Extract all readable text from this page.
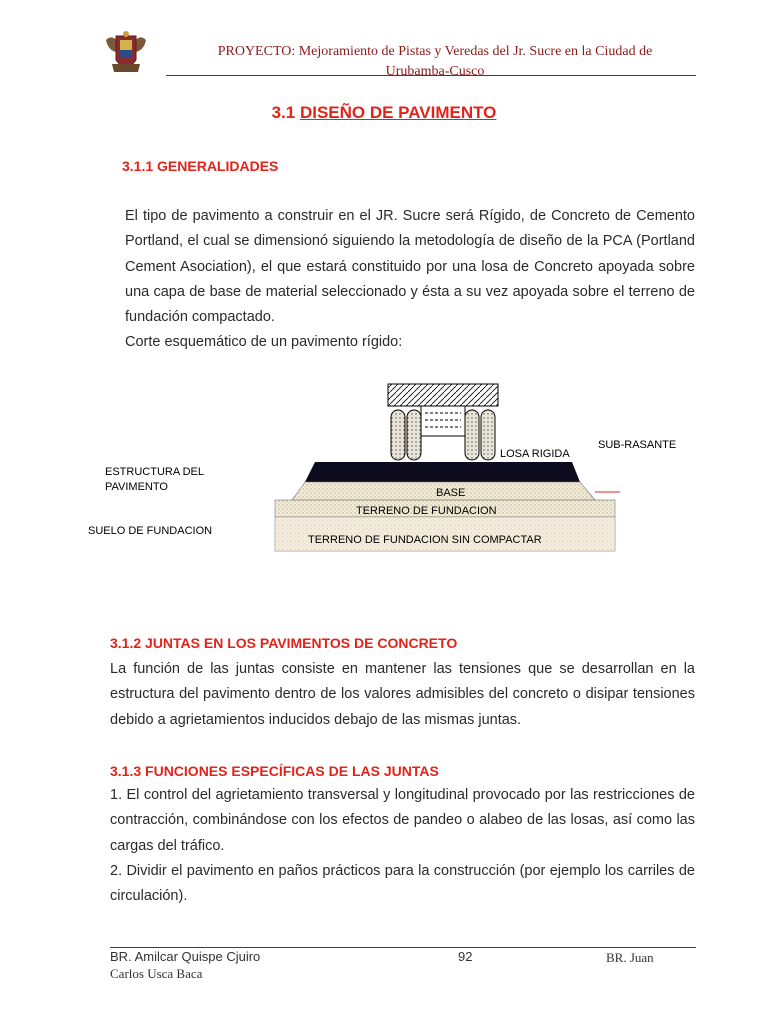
PROYECTO: Mejoramiento de Pistas y Veredas del Jr. Sucre en la Ciudad de
Urubamba-Cusco
3.1 DISEÑO DE PAVIMENTO
3.1.1 GENERALIDADES
El tipo de pavimento a construir en el JR. Sucre será Rígido, de Concreto de Cemento Portland, el cual se dimensionó siguiendo la metodología de diseño de la PCA (Portland Cement Asociation), el que estará constituido por una losa de Concreto apoyada sobre una capa de base de material seleccionado y ésta a su vez apoyada sobre el terreno de fundación compactado.
Corte esquemático de un pavimento rígido:
LOSA RIGIDA
SUB-RASANTE
ESTRUCTURA DEL PAVIMENTO
SUELO DE FUNDACION
BASE
TERRENO DE FUNDACION
TERRENO DE FUNDACION SIN COMPACTAR
3.1.2 JUNTAS EN LOS PAVIMENTOS DE CONCRETO
La función de las juntas consiste en mantener las tensiones que se desarrollan en la estructura del pavimento dentro de los valores admisibles del concreto o disipar tensiones debido a agrietamientos inducidos debajo de las mismas juntas.
3.1.3 FUNCIONES ESPECÍFICAS DE LAS JUNTAS
1. El control del agrietamiento transversal y longitudinal provocado por las restricciones de contracción, combinándose con los efectos de pandeo o alabeo de las losas, así como las cargas del tráfico.
2. Dividir el pavimento en paños prácticos para la construcción (por ejemplo los carriles de circulación).
BR. Amilcar Quispe Cjuiro	92	BR. Juan
Carlos Usca Baca
